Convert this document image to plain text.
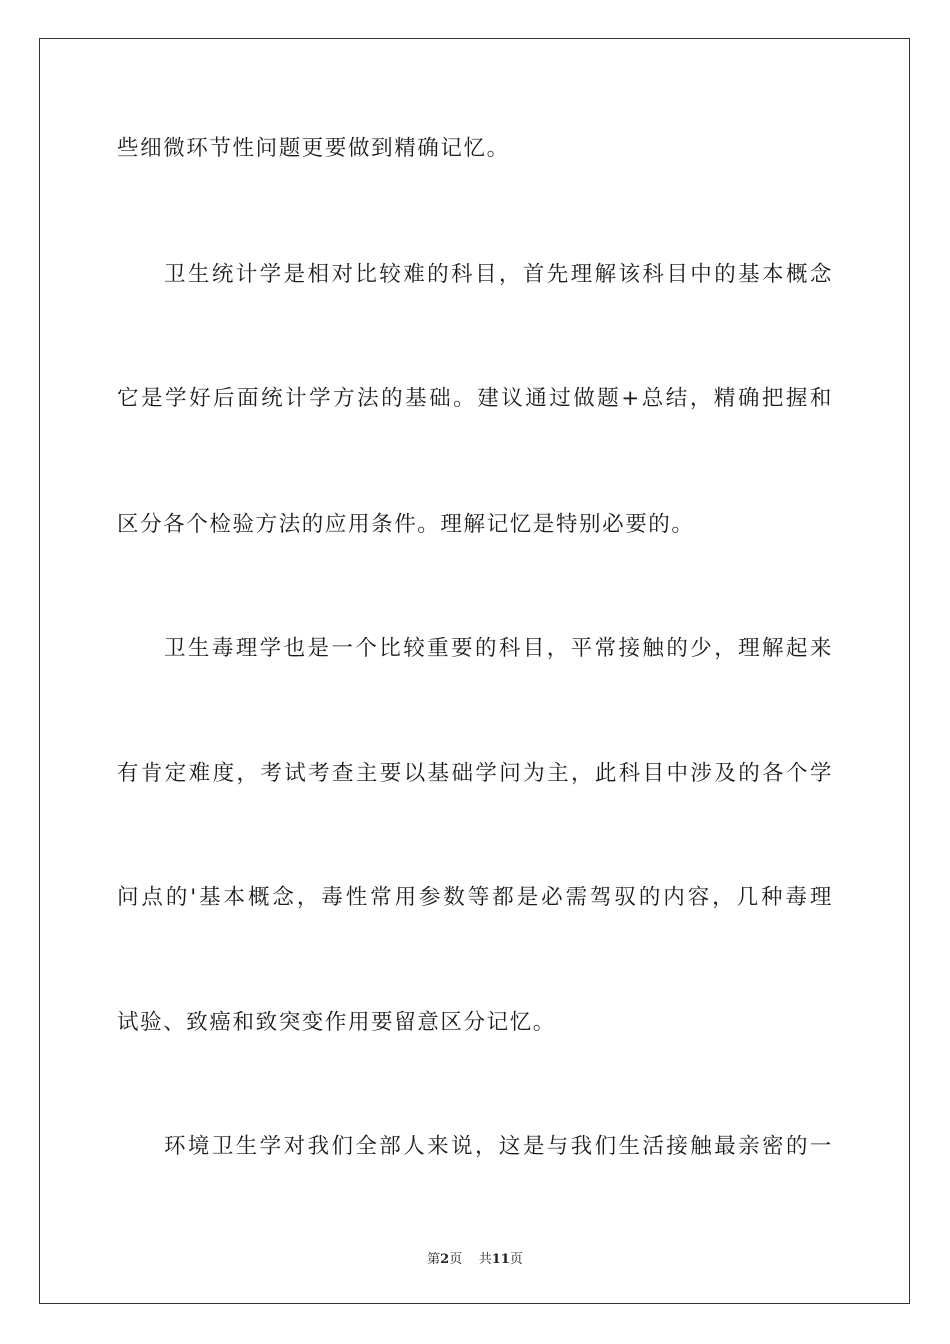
些细微环节性问题更要做到精确记忆。
卫生统计学是相对比较难的科目，首先理解该科目中的基本概念
它是学好后面统计学方法的基础。建议通过做题+总结，精确把握和
区分各个检验方法的应用条件。理解记忆是特别必要的。
卫生毒理学也是一个比较重要的科目，平常接触的少，理解起来
有肯定难度，考试考查主要以基础学问为主，此科目中涉及的各个学
问点的'基本概念，毒性常用参数等都是必需驾驭的内容，几种毒理
试验、致癌和致突变作用要留意区分记忆。
环境卫生学对我们全部人来说，这是与我们生活接触最亲密的一
第2页 共11页
